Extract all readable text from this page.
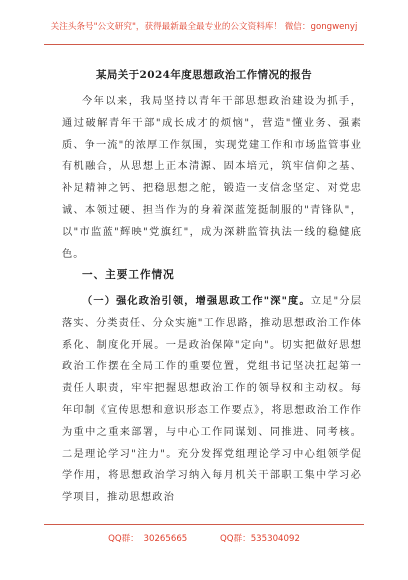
关注头条号"公文研究"，获得最新最全最专业的公文资料库！ 微信：gongwenyj
某局关于2024年度思想政治工作情况的报告

今年以来，我局坚持以青年干部思想政治建设为抓手，通过破解青年干部"成长成才的烦恼"，营造"懂业务、强素质、争一流"的浓厚工作氛围，实现党建工作和市场监管事业有机融合，从思想上正本清源、固本培元，筑牢信仰之基、补足精神之钙、把稳思想之舵，锻造一支信念坚定、对党忠诚、本领过硬、担当作为的身着深蓝笼挺制服的"青锋队"，以"市监蓝"辉映"党旗红"，成为深耕监管执法一线的稳健底色。

一、主要工作情况

（一）强化政治引领，增强思政工作"深"度。立足"分层落实、分类责任、分众实施"工作思路，推动思想政治工作体系化、制度化开展。一是政治保障"定向"。切实把做好思想政治工作摆在全局工作的重要位置，党组书记坚决扛起第一责任人职责，牢牢把握思想政治工作的领导权和主动权。每年印制《宣传思想和意识形态工作要点》，将思想政治工作作为重中之重来部署，与中心工作同谋划、同推进、同考核。二是理论学习"注力"。充分发挥党组理论学习中心组领学促学作用，将思想政治学习纳入每月机关干部职工集中学习必学项目，推动思想政治

QQ群： 30265665	QQ群：535304092
